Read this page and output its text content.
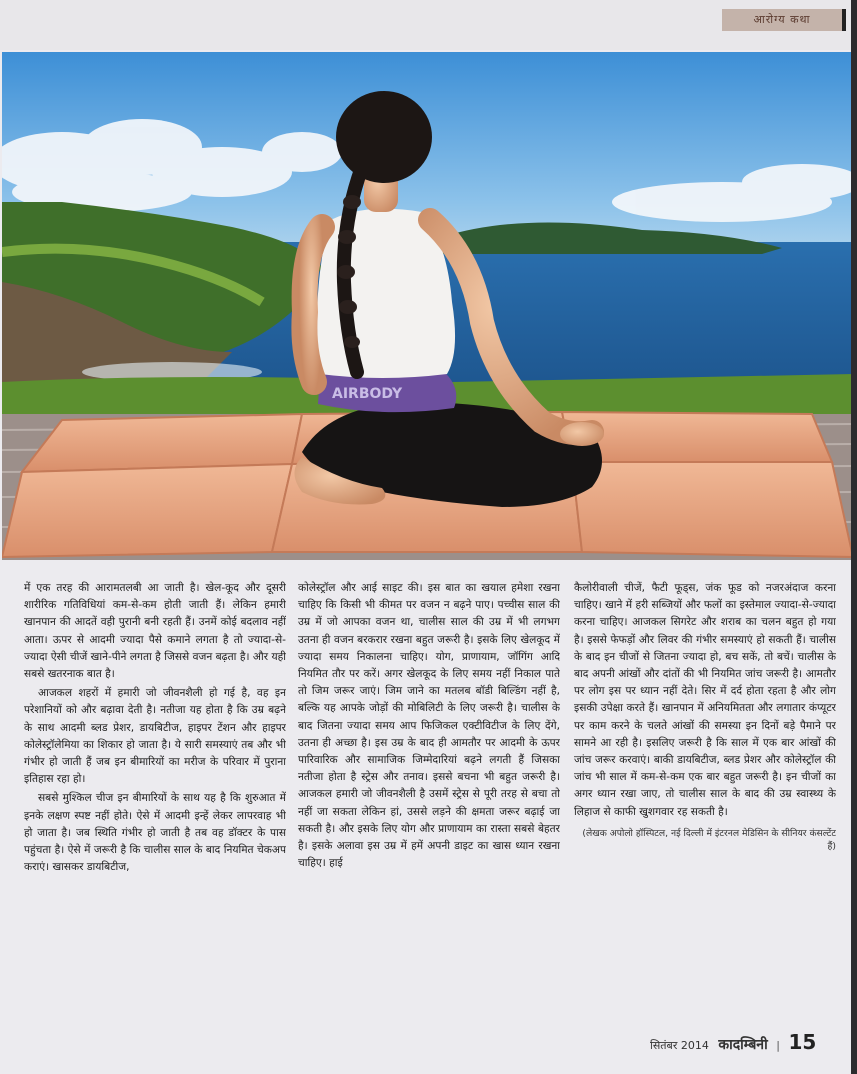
आरोग्य कथा
AIRBODY

में एक तरह की आरामतलबी आ जाती है। खेल-कूद और दूसरी शारीरिक गतिविधियां कम-से-कम होती जाती हैं। लेकिन हमारी खानपान की आदतें वही पुरानी बनी रहती हैं। उनमें कोई बदलाव नहीं आता। ऊपर से आदमी ज्यादा पैसे कमाने लगता है तो ज्यादा-से-ज्यादा ऐसी चीजें खाने-पीने लगता है जिससे वजन बढ़ता है। और यही सबसे खतरनाक बात है।

आजकल शहरों में हमारी जो जीवनशैली हो गई है, वह इन परेशानियों को और बढ़ावा देती है। नतीजा यह होता है कि उम्र बढ़ने के साथ आदमी ब्लड प्रेशर, डायबिटीज, हाइपर टेंशन और हाइपर कोलेस्ट्रॉलेमिया का शिकार हो जाता है। ये सारी समस्याएं तब और भी गंभीर हो जाती हैं जब इन बीमारियों का मरीज के परिवार में पुराना इतिहास रहा हो।

सबसे मुश्किल चीज इन बीमारियों के साथ यह है कि शुरुआत में इनके लक्षण स्पष्ट नहीं होते। ऐसे में आदमी इन्हें लेकर लापरवाह भी हो जाता है। जब स्थिति गंभीर हो जाती है तब वह डॉक्टर के पास पहुंचता है। ऐसे में जरूरी है कि चालीस साल के बाद नियमित चेकअप कराएं। खासकर डायबिटीज,

कोलेस्ट्रॉल और आई साइट की। इस बात का खयाल हमेशा रखना चाहिए कि किसी भी कीमत पर वजन न बढ़ने पाए। पच्चीस साल की उम्र में जो आपका वजन था, चालीस साल की उम्र में भी लगभग उतना ही वजन बरकरार रखना बहुत जरूरी है। इसके लिए खेलकूद में ज्यादा समय निकालना चाहिए। योग, प्राणायाम, जॉगिंग आदि नियमित तौर पर करें। अगर खेलकूद के लिए समय नहीं निकाल पाते तो जिम जरूर जाएं। जिम जाने का मतलब बॉडी बिल्डिंग नहीं है, बल्कि यह आपके जोड़ों की मोबिलिटी के लिए जरूरी है। चालीस के बाद जितना ज्यादा समय आप फिजिकल एक्टीविटीज के लिए देंगे, उतना ही अच्छा है। इस उम्र के बाद ही आमतौर पर आदमी के ऊपर पारिवारिक और सामाजिक जिम्मेदारियां बढ़ने लगती हैं जिसका नतीजा होता है स्ट्रेस और तनाव। इससे बचना भी बहुत जरूरी है। आजकल हमारी जो जीवनशैली है उसमें स्ट्रेस से पूरी तरह से बचा तो नहीं जा सकता लेकिन हां, उससे लड़ने की क्षमता जरूर बढ़ाई जा सकती है। और इसके लिए योग और प्राणायाम का रास्ता सबसे बेहतर है। इसके अलावा इस उम्र में हमें अपनी डाइट का खास ध्यान रखना चाहिए। हाई

कैलोरीवाली चीजें, फैटी फूड्स, जंक फूड को नजरअंदाज करना चाहिए। खाने में हरी सब्जियों और फलों का इस्तेमाल ज्यादा-से-ज्यादा करना चाहिए। आजकल सिगरेट और शराब का चलन बहुत हो गया है। इससे फेफड़ों और लिवर की गंभीर समस्याएं हो सकती हैं। चालीस के बाद इन चीजों से जितना ज्यादा हो, बच सकें, तो बचें। चालीस के बाद अपनी आंखों और दांतों की भी नियमित जांच जरूरी है। आमतौर पर लोग इस पर ध्यान नहीं देते। सिर में दर्द होता रहता है और लोग इसकी उपेक्षा करते हैं। खानपान में अनियमितता और लगातार कंप्यूटर पर काम करने के चलते आंखों की समस्या इन दिनों बड़े पैमाने पर सामने आ रही है। इसलिए जरूरी है कि साल में एक बार आंखों की जांच जरूर करवाएं। बाकी डायबिटीज, ब्लड प्रेशर और कोलेस्ट्रॉल की जांच भी साल में कम-से-कम एक बार बहुत जरूरी है। इन चीजों का अगर ध्यान रखा जाए, तो चालीस साल के बाद की उम्र स्वास्थ्य के लिहाज से काफी खुशगवार रह सकती है।

(लेखक अपोलो हॉस्पिटल, नई दिल्ली में इंटरनल मेडिसिन के सीनियर कंसल्टेंट हैं)
सितंबर 2014 कादम्बिनी | 15
